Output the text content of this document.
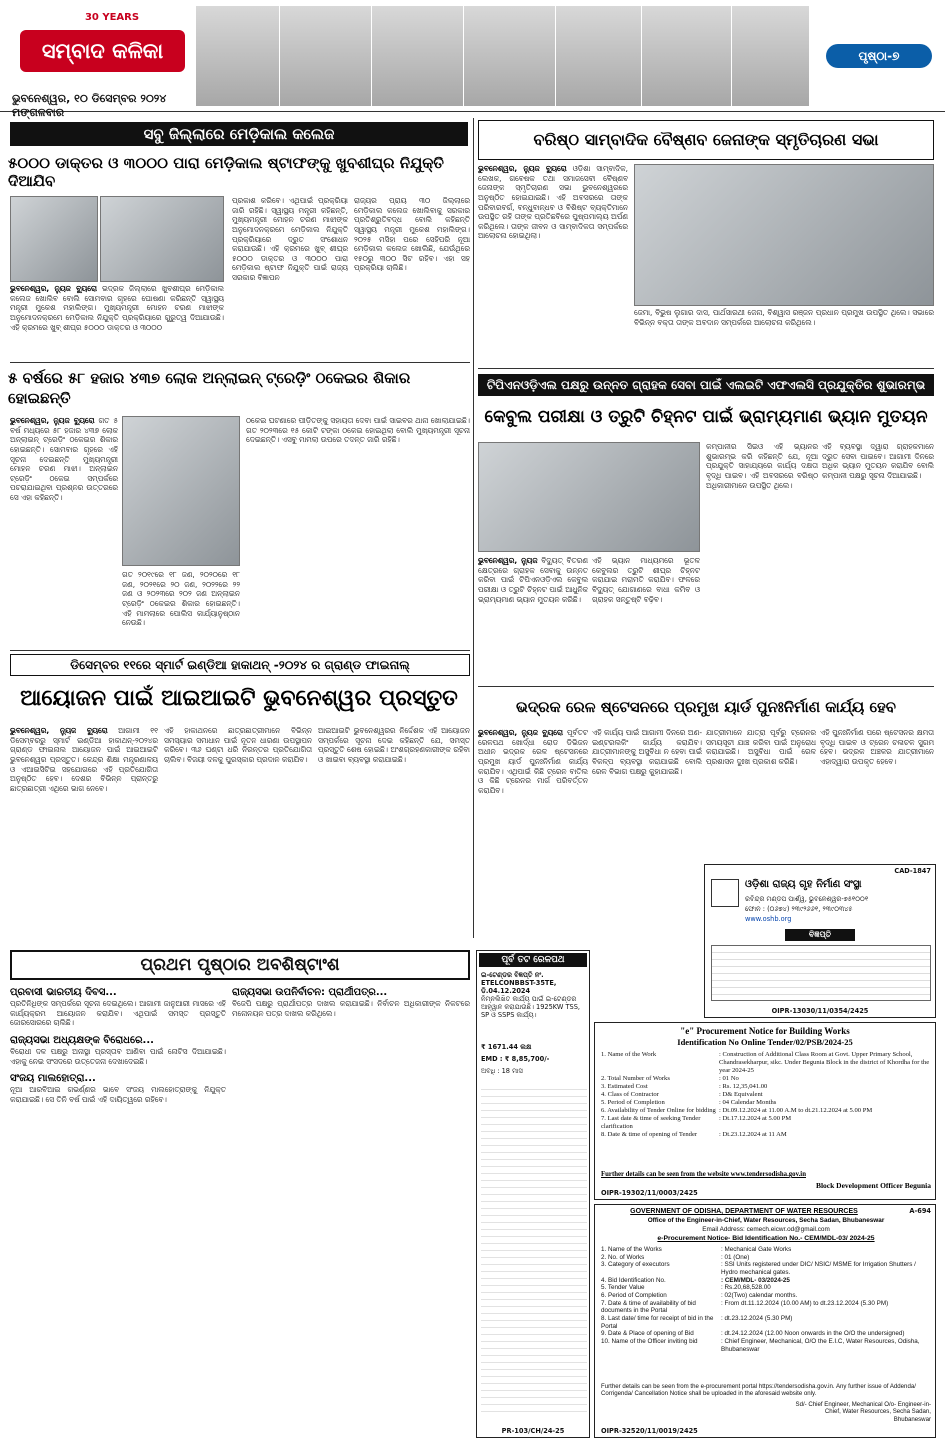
30 YEARS
ସମ୍ବାଦ କଳିକା
ଭୁବନେଶ୍ୱର, ୧୦ ଡିସେମ୍ବର ୨୦୨୪ ମଙ୍ଗଳବାର
ପୃଷ୍ଠା-୭
ସବୁ ଜିଲ୍ଲାରେ ମେଡ଼ିକାଲ କଲେଜ
୫୦୦୦ ଡାକ୍ତର ଓ ୩୦୦୦ ପାରା ମେଡ଼ିକାଲ ଷ୍ଟାଫଙ୍କୁ ଖୁବଶୀଘ୍ର ନିଯୁକ୍ତି ଦିଆଯିବ
ଭୁବନେଶ୍ୱର, ନ୍ୟୁଜ ବ୍ୟୁରୋ ଭଦ୍ରକ ଜିଲ୍ଲାରେ ଖୁବଶୀଘ୍ର ମେଡ଼ିକାଲ କଲେଜ ଖୋଲିବ ବୋଲି ସୋମବାର ଗୃହରେ ଘୋଷଣା କରିଛନ୍ତି ସ୍ୱାସ୍ଥ୍ୟ ମନ୍ତ୍ରୀ ମୁକେଶ ମହାଲିଙ୍ଗ। ମୁଖ୍ୟମନ୍ତ୍ରୀ ମୋହନ ଚରଣ ମାଝୀଙ୍କ ଅନୁମୋଦନକ୍ରମେ ମେଡ଼ିକାଲ ନିଯୁକ୍ତି ପ୍ରକ୍ରିୟାରେ ଗୁରୁତ୍ୱ ଦିଆଯାଉଛି। ଏହି କ୍ରମରେ ଖୁବ୍ ଶୀଘ୍ର ୫୦୦୦ ଡାକ୍ତର ଓ ୩୦୦୦
ପ୍ରକାଶ କରିବେ। ଏଥିପାଇଁ ପ୍ରକ୍ରିୟା ଜାରି ରହିଛି। ସ୍ୱାସ୍ଥ୍ୟ ମନ୍ତ୍ରୀ କହିଛନ୍ତି, ମୁଖ୍ୟମନ୍ତ୍ରୀ ମୋହନ ଚରଣ ମାଝୀଙ୍କ ଅନୁମୋଦନକ୍ରମେ ମେଡ଼ିକାଲ ନିଯୁକ୍ତି ପ୍ରକ୍ରିୟାରେ ଦ୍ରୁତ ସଂଶୋଧନ କରାଯାଉଛି। ଏହି କ୍ରମରେ ଖୁବ୍ ଶୀଘ୍ର ୫୦୦୦ ଡାକ୍ତର ଓ ୩୦୦୦ ପାରା ମେଡ଼ିକାଲ ଷ୍ଟାଫ ନିଯୁକ୍ତି ପାଇଁ ରାଜ୍ୟ ସରକାର ବିଜ୍ଞାପନ
ରାଜ୍ୟର ପ୍ରାୟ ୩୦ ଜିଲ୍ଲାରେ ମେଡ଼ିକାଲ କଲେଜ ଖୋଲିବାକୁ ସରକାର ପ୍ରତିଶ୍ରୁତିବଦ୍ଧ ବୋଲି କହିଛନ୍ତି ସ୍ୱାସ୍ଥ୍ୟ ମନ୍ତ୍ରୀ ମୁକେଶ ମହାଲିଙ୍ଗ। ୨୦୨୫ ମସିହା ପରେ ସେହିପରି ନୂଆ ମେଡ଼ିକାଲ କଲେଜ ଖୋଲିଛି, ଯେଉଁଥିରେ ୧୫୦ରୁ ୩୦୦ ସିଟ ରହିବ। ଏହା ସହ ପ୍ରକ୍ରିୟା ଚାଲିଛି।
ବରିଷ୍ଠ ସାମ୍ବାଦିକ ବୈଷ୍ଣବ ଜେନାଙ୍କ ସ୍ମୃତିଚାରଣ ସଭା
ଭୁବନେଶ୍ୱର, ନ୍ୟୁଜ ବ୍ୟୁରୋ ଓଡ଼ିଶା ସାମ୍ବାଦିକ, ଲେଖକ, ଗବେଷକ ତଥା ସମାଜସେବୀ ବୈଷ୍ଣବ ଜେନାଙ୍କ ସ୍ମୃତିଚାରଣ ସଭା ଭୁବନେଶ୍ୱରରେ ଅନୁଷ୍ଠିତ ହୋଇଯାଇଛି। ଏହି ଅବସରରେ ତାଙ୍କ ପରିବାରବର୍ଗ, ବନ୍ଧୁବାନ୍ଧବ ଓ ବିଶିଷ୍ଟ ବ୍ୟକ୍ତିମାନେ ଉପସ୍ଥିତ ରହି ତାଙ୍କ ପ୍ରତିଛବିରେ ପୁଷ୍ପମାଲ୍ୟ ଅର୍ପଣ କରିଥିଲେ। ତାଙ୍କ ଜୀବନ ଓ ସାମ୍ବାଦିକତା ସମ୍ପର୍କରେ ଆଲୋଚନା ହୋଇଥିଲା।
ଜେମା, ବିଭୁଷ ଲୁଗାର ଦାସ, ପାର୍ଥସାରଥୀ ଜେନା, ବିଶ୍ୱାସ ରଞ୍ଜନ ପ୍ରଧାନ ପ୍ରମୁଖ ଉପସ୍ଥିତ ଥିଲେ। ସଭାରେ ବିଭିନ୍ନ ବକ୍ତା ତାଙ୍କ ଅବଦାନ ସମ୍ପର୍କରେ ଆଲୋଚନା କରିଥିଲେ।
୫ ବର୍ଷରେ ୫୮ ହଜାର ୪୩୭ ଲୋକ ଅନ୍‌ଲାଇନ୍ ଟ୍ରେଡ଼ିଂ ଠକେଇର ଶିକାର ହୋଇଛନ୍ତି
ଭୁବନେଶ୍ୱର, ନ୍ୟୁଜ ବ୍ୟୁରୋ ଗତ ୫ ବର୍ଷ ମଧ୍ୟରେ ୫୮ ହଜାର ୪୩୭ ଲୋକ ଅନ୍‌ଲାଇନ୍ ଟ୍ରେଡ଼ିଂ ଠକେଇର ଶିକାର ହୋଇଛନ୍ତି। ସୋମବାର ଗୃହରେ ଏହି ସୂଚନା ଦେଇଛନ୍ତି ମୁଖ୍ୟମନ୍ତ୍ରୀ ମୋହନ ଚରଣ ମାଝୀ। ଅନ୍‌ଲାଇନ ଟ୍ରେଡ଼ିଂ ଠକେଇ ସମ୍ପର୍କରେ ପଚରାଯାଇଥିବା ପ୍ରଶ୍ନର ଉତ୍ତରରେ ସେ ଏହା କହିଛନ୍ତି।
ଗତ ୨୦୧୯ରେ ୧୮ ଜଣ, ୨୦୨୦ରେ ୧୮ ଜଣ, ୨୦୨୧ରେ ୨୦ ଜଣ, ୨୦୨୨ରେ ୨୨ ଜଣ ଓ ୨୦୨୩ରେ ୨୦୨ ଜଣ ଅନ୍‌ଲାଇନ ଟ୍ରେଡ଼ିଂ ଠକେଇର ଶିକାର ହୋଇଛନ୍ତି। ଏହି ମାମଲାରେ ପୋଲିସ କାର୍ଯ୍ୟାନୁଷ୍ଠାନ ନେଉଛି।
ଠକେଇ ଘଟଣାରେ ପୀଡ଼ିତଙ୍କୁ ସହାୟତା ଦେବା ପାଇଁ ସାଇବର ଥାନା ଖୋଲାଯାଇଛି। ଗତ ୨୦୨୩ରେ ୧୫ କୋଟି ଟଙ୍କା ଠକେଇ ହୋଇଥିଲା ବୋଲି ମୁଖ୍ୟମନ୍ତ୍ରୀ ସୂଚନା ଦେଇଛନ୍ତି। ଏସବୁ ମାମଲା ଉପରେ ତଦନ୍ତ ଜାରି ରହିଛି।
ଟିପିଏନଓଡ଼ିଏଲ ପକ୍ଷରୁ ଉନ୍ନତ ଗ୍ରାହକ ସେବା ପାଇଁ ଏଲଇଟି ଏଫଏଲସି ପ୍ରଯୁକ୍ତିର ଶୁଭାରମ୍ଭ
କେବୁଲ ପରୀକ୍ଷା ଓ ତ୍ରୁଟି ଚିହ୍ନଟ ପାଇଁ ଭ୍ରାମ୍ୟମାଣ ଭ୍ୟାନ ମୁତୟନ
ଭୁବନେଶ୍ୱର, ନ୍ୟୁଜ ବିଦ୍ୟୁତ୍ ବିତରଣ କ୍ଷେତ୍ରରେ ଗ୍ରାହକ ସେବାକୁ ଉନ୍ନତ କରିବା ପାଇଁ ଟିପିଏନଓଡ଼ିଏଲ କେବୁଲ ପରୀକ୍ଷା ଓ ତ୍ରୁଟି ଚିହ୍ନଟ ପାଇଁ ଆଧୁନିକ ଭ୍ରାମ୍ୟମାଣ ଭ୍ୟାନ ମୁତୟନ କରିଛି।
ଏହି ଭ୍ୟାନ ମାଧ୍ୟମରେ ଭୂତଳ କେବୁଲର ତ୍ରୁଟି ଶୀଘ୍ର ଚିହ୍ନଟ କରାଯାଇ ମରାମତି କରାଯିବ। ଫଳରେ ବିଦ୍ୟୁତ୍ ଯୋଗାଣରେ ବାଧା କମିବ ଓ ଗ୍ରାହକ ସନ୍ତୁଷ୍ଟି ବଢ଼ିବ।
କମ୍ପାନୀର ସିଇଓ ଏହି ଭ୍ୟାନର ଶୁଭାରମ୍ଭ କରି କହିଛନ୍ତି ଯେ, ନୂଆ ପ୍ରଯୁକ୍ତି ସାହାଯ୍ୟରେ କାର୍ଯ୍ୟ ଦକ୍ଷତା ବୃଦ୍ଧି ପାଇବ। ଏହି ଅବସରରେ ବରିଷ୍ଠ ଅଧିକାରୀମାନେ ଉପସ୍ଥିତ ଥିଲେ।
ଏହି ବ୍ୟବସ୍ଥା ଦ୍ୱାରା ଗ୍ରାହକମାନେ ଦ୍ରୁତ ସେବା ପାଇବେ। ଆଗାମୀ ଦିନରେ ଅଧିକ ଭ୍ୟାନ ମୁତୟନ କରାଯିବ ବୋଲି କମ୍ପାନୀ ପକ୍ଷରୁ ସୂଚନା ଦିଆଯାଇଛି।
ଡିସେମ୍ବର ୧୧ରେ ସ୍ମାର୍ଟ ଇଣ୍ଡିଆ ହାକାଥନ୍ -୨୦୨୪ ର ଗ୍ରାଣ୍ଡ ଫାଇନାଲ୍
ଆୟୋଜନ ପାଇଁ ଆଇଆଇଟି ଭୁବନେଶ୍ୱର ପ୍ରସ୍ତୁତ
ଭୁବନେଶ୍ୱର, ନ୍ୟୁଜ ବ୍ୟୁରୋ ଆଗାମୀ ୧୧ ଡିସେମ୍ବରରୁ ସ୍ମାର୍ଟ ଇଣ୍ଡିଆ ହାକାଥନ୍-୨୦୨୪ର ଗ୍ରାଣ୍ଡ ଫାଇନାଲ ଆୟୋଜନ ପାଇଁ ଆଇଆଇଟି ଭୁବନେଶ୍ୱର ପ୍ରସ୍ତୁତ। କେନ୍ଦ୍ର ଶିକ୍ଷା ମନ୍ତ୍ରଣାଳୟ ଓ ଏଆଇସିଟିଇ ସହଯୋଗରେ ଏହି ପ୍ରତିଯୋଗିତା ଅନୁଷ୍ଠିତ ହେବ। ଦେଶର ବିଭିନ୍ନ ପ୍ରାନ୍ତରୁ ଛାତ୍ରଛାତ୍ରୀ ଏଥିରେ ଭାଗ ନେବେ।
ଏହି ହାକାଥନରେ ଛାତ୍ରଛାତ୍ରୀମାନେ ବିଭିନ୍ନ ସମସ୍ୟାର ସମାଧାନ ପାଇଁ ନୂତନ ଧାରଣା ଉପସ୍ଥାପନ କରିବେ। ୩୬ ଘଣ୍ଟା ଧରି ନିରନ୍ତର ପ୍ରତିଯୋଗିତା ଚାଲିବ। ବିଜୟୀ ଦଳକୁ ପୁରସ୍କାର ପ୍ରଦାନ କରାଯିବ।
ଆଇଆଇଟି ଭୁବନେଶ୍ୱରର ନିର୍ଦ୍ଦେଶକ ଏହି ଆୟୋଜନ ସମ୍ପର୍କରେ ସୂଚନା ଦେଇ କହିଛନ୍ତି ଯେ, ସମସ୍ତ ପ୍ରସ୍ତୁତି ଶେଷ ହୋଇଛି। ଅଂଶଗ୍ରହଣକାରୀଙ୍କ ରହିବା ଓ ଖାଇବା ବ୍ୟବସ୍ଥା କରାଯାଇଛି।
ଭଦ୍ରକ ରେଳ ଷ୍ଟେସନରେ ପ୍ରମୁଖ ୟାର୍ଡ ପୁନଃନିର୍ମାଣ କାର୍ଯ୍ୟ ହେବ
ଭୁବନେଶ୍ୱର, ନ୍ୟୁଜ ବ୍ୟୁରୋ ପୂର୍ବତଟ ରେଳପଥ ଖୋର୍ଦ୍ଧା ରୋଡ ଡିଭିଜନ ଅଧୀନ ଭଦ୍ରକ ରେଳ ଷ୍ଟେସନରେ ପ୍ରମୁଖ ୟାର୍ଡ ପୁନଃନିର୍ମାଣ କାର୍ଯ୍ୟ କରାଯିବ। ଏଥିପାଇଁ କିଛି ଟ୍ରେନ ବାତିଲ ଓ କିଛି ଟ୍ରେନର ମାର୍ଗ ପରିବର୍ତ୍ତନ କରାଯିବ।
ଏହି କାର୍ଯ୍ୟ ପାଇଁ ଆଗାମୀ ଦିନରେ ଅଣ-ଇଣ୍ଟରଲକିଂ କାର୍ଯ୍ୟ କରାଯିବ। ଯାତ୍ରୀମାନଙ୍କୁ ଅସୁବିଧା ନ ହେବା ପାଇଁ ବିକଳ୍ପ ବ୍ୟବସ୍ଥା କରାଯାଇଛି ବୋଲି ରେଳ ବିଭାଗ ପକ୍ଷରୁ କୁହାଯାଇଛି।
ଯାତ୍ରୀମାନେ ଯାତ୍ରା ପୂର୍ବରୁ ଟ୍ରେନର ସମୟସୂଚୀ ଯାଞ୍ଚ କରିବା ପାଇଁ ଅନୁରୋଧ କରାଯାଇଛି। ଅସୁବିଧା ପାଇଁ ରେଳ ପ୍ରଶାସନ ଦୁଃଖ ପ୍ରକାଶ କରିଛି।
ଏହି ପୁନଃନିର୍ମାଣ ପରେ ଷ୍ଟେସନର କ୍ଷମତା ବୃଦ୍ଧି ପାଇବ ଓ ଟ୍ରେନ ଚଳାଚଳ ସୁଗମ ହେବ। ଭଦ୍ରକ ଅଞ୍ଚଳର ଯାତ୍ରୀମାନେ ଏହାଦ୍ୱାରା ଉପକୃତ ହେବେ।
CAD-1847
ଓଡ଼ିଶା ରାଜ୍ୟ ଗୃହ ନିର୍ମାଣ ସଂସ୍ଥା
ରବିନ୍ଦ୍ର ମଣ୍ଡପ ପାର୍ଶ୍ୱ, ଭୁବନେଶ୍ୱର-୭୫୧୦୦୧
ଫୋନ : (୦୬୭୪) ୨୩୯୨୬୬୧, ୨୩୯୦୩୪୫
www.oshb.org
ବିଜ୍ଞପ୍ତି
OIPR-13030/11/0354/2425
ପ୍ରଥମ ପୃଷ୍ଠାର ଅବଶିଷ୍ଟାଂଶ
ପ୍ରବାସୀ ଭାରତୀୟ ଦିବସ...
ପ୍ରତିନିଧିଙ୍କ ସମ୍ପର୍କରେ ସୂଚନା ଦେଇଥିଲେ। ଆଗାମୀ ଜାନୁଆରୀ ମାସରେ ଏହି କାର୍ଯ୍ୟକ୍ରମ ଆୟୋଜନ କରାଯିବ। ଏଥିପାଇଁ ସମସ୍ତ ପ୍ରସ୍ତୁତି ଜୋରସୋରରେ ଚାଲିଛି।
ରାଜ୍ୟସଭା ଅଧ୍ୟକ୍ଷଙ୍କ ବିରୋଧରେ...
ବିରୋଧୀ ଦଳ ପକ୍ଷରୁ ଅନାସ୍ଥା ପ୍ରସ୍ତାବ ଆଣିବା ପାଇଁ ନୋଟିସ ଦିଆଯାଇଛି। ଏହାକୁ ନେଇ ସଂସଦରେ ଉତ୍ତେଜନା ଦେଖାଦେଇଛି।
ସଂଜୟ ମାଲହୋତ୍ରା...
ନୂଆ ଆରବିଆଇ ଗଭର୍ଣ୍ଣର ଭାବେ ସଂଜୟ ମାଲହୋତ୍ରାଙ୍କୁ ନିଯୁକ୍ତ କରାଯାଇଛି। ସେ ତିନି ବର୍ଷ ପାଇଁ ଏହି ଦାୟିତ୍ୱରେ ରହିବେ।
ରାଜ୍ୟସଭା ଉପନିର୍ବାଚନ: ପ୍ରାର୍ଥୀପତ୍ର...
ବିଜେପି ପକ୍ଷରୁ ପ୍ରାର୍ଥୀପତ୍ର ଦାଖଲ କରାଯାଇଛି। ନିର୍ବାଚନ ଅଧିକାରୀଙ୍କ ନିକଟରେ ମନୋନୟନ ପତ୍ର ଦାଖଲ କରିଥିଲେ।
ପୂର୍ବ ତଟ ରେଳପଥ
ଇ-ଟେଣ୍ଡର ବିଜ୍ଞପ୍ତି ନଂ. ETELCONBBST-35TE, ଡି.04.12.2024
ନିମ୍ନଲିଖିତ କାର୍ଯ୍ୟ ପାଇଁ ଇ-ଟେଣ୍ଡର ଆହ୍ୱାନ କରାଯାଉଛି। 1925KW TSS, SP ଓ SSPS କାର୍ଯ୍ୟ।
₹ 1671.44 ଲକ୍ଷ
EMD : ₹ 8,85,700/-
ଅବଧି : 18 ମାସ
PR-103/CH/24-25
"e" Procurement Notice for Building Works
Identification No Online Tender/02/PSB/2024-25
1. Name of the Work	: Construction of Additional Class Room at Govt. Upper Primary School, Chandrasekharpur, sikc. Under Begunia Block in the district of Khordha for the year 2024-25
2. Total Number of Works	: 01 No
3. Estimated Cost	: Rs. 12,35,041.00
4. Class of Contractor	: D& Equivalent
5. Period of Completion	: 04 Calendar Months
6. Availability of Tender Online for bidding : Dt.09.12.2024 at 11.00 A.M to dt.21.12.2024 at 5.00 PM
7. Last date & time of seeking Tender clarification
: Dt.17.12.2024 at 5.00 PM
8. Date & time of opening of Tender	: Dt.23.12.2024 at 11 AM
Further details can be seen from the website www.tendersodisha.gov.in
Block Development Officer Begunia
OIPR-19302/11/0003/2425
A-694
GOVERNMENT OF ODISHA, DEPARTMENT OF WATER RESOURCES
Office of the Engineer-in-Chief, Water Resources, Secha Sadan, Bhubaneswar
Email Address: cemech.eicwr.od@gmail.com
e-Procurement Notice- Bid Identification No.- CEM/MDL-03/ 2024-25
1. Name of the Works	: Mechanical Gate Works
2. No. of Works	: 01 (One)
3. Category of executors	: SSI Units registered under DIC/ NSIC/ MSME for Irrigation Shutters / Hydro mechanical gates.
4. Bid Identification No.	: CEM/MDL- 03/2024-25
5. Tender Value	: Rs.20,68,528.00
6. Period of Completion	: 02(Two) calendar months.
7. Date & time of availability of bid documents in the Portal
: From dt.11.12.2024 (10.00 AM) to dt.23.12.2024 (5.30 PM)
8. Last date/ time for receipt of bid in the Portal
: dt.23.12.2024 (5.30 PM)
9. Date & Place of opening of Bid	: dt.24.12.2024 (12.00 Noon onwards in the O/O the undersigned)
10. Name of the Officer inviting bid	: Chief Engineer, Mechanical, O/O the E.I.C, Water Resources, Odisha, Bhubaneswar
Further details can be seen from the e-procurement portal https://tendersodisha.gov.in. Any further issue of Addenda/ Corrigenda/ Cancellation Notice shall be uploaded in the aforesaid website only.
Sd/- Chief Engineer, Mechanical O/o- Engineer-in-Chief, Water Resources, Secha Sadan, Bhubaneswar
OIPR-32520/11/0019/2425
